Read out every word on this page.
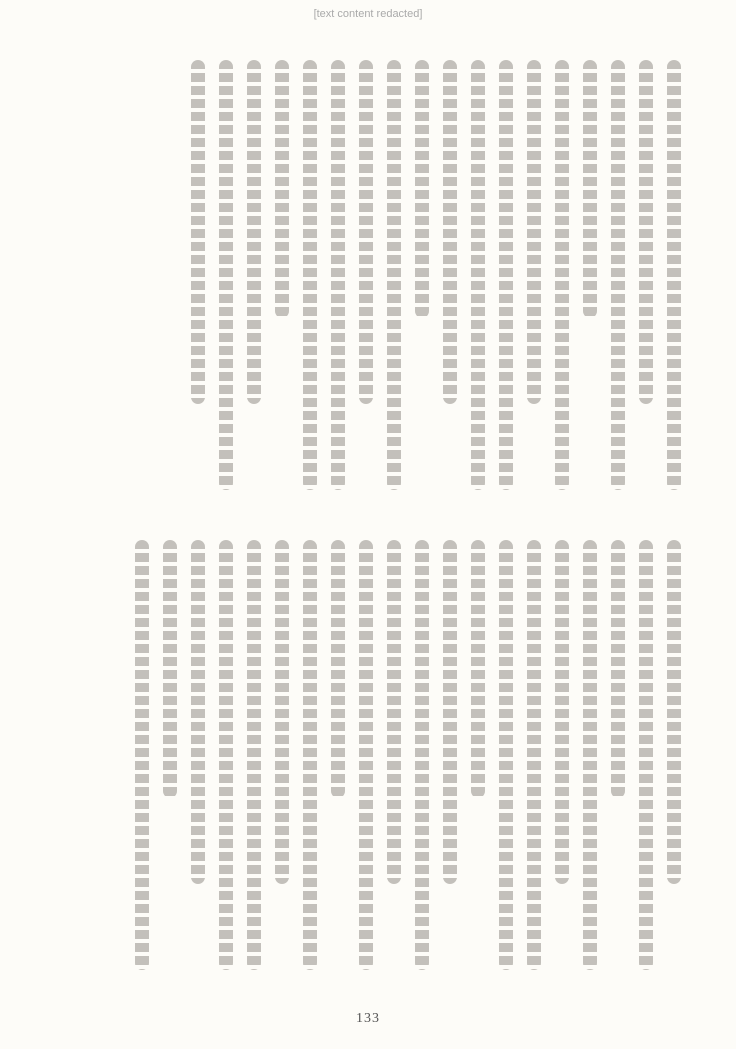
[text content redacted]
133
